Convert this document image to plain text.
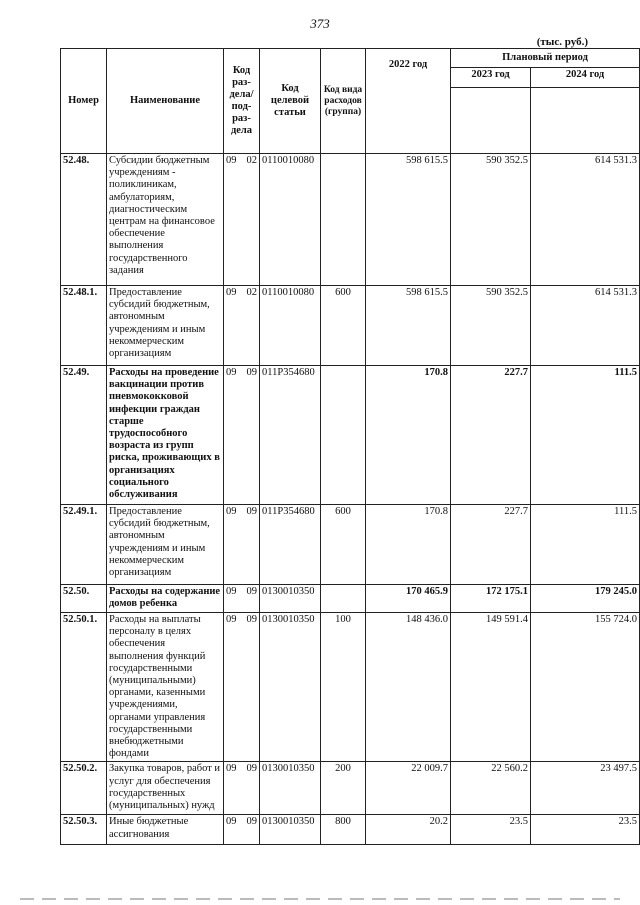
373
(тыс. руб.)
Номер	Наименование	Код раз- дела/ под- раз- дела		Код целевой статьи	Код вида расходов (группа)	2022 год	Плановый период	
							2023 год	2024 год

52.48.	Субсидии бюджетным учреждениям - поликлиникам, амбулаториям, диагностическим центрам на финансовое обеспечение выполнения государственного задания	09	02	0110010080		598 615.5	590 352.5	614 531.3
52.48.1.	Предоставление субсидий бюджетным, автономным учреждениям и иным некоммерческим организациям	09	02	0110010080	600	598 615.5	590 352.5	614 531.3
52.49.	Расходы на проведение вакцинации против пневмококковой инфекции граждан старше трудоспособного возраста из групп риска, проживающих в организациях социального обслуживания	09	09	011P354680		170.8	227.7	111.5
52.49.1.	Предоставление субсидий бюджетным, автономным учреждениям и иным некоммерческим организациям	09	09	011P354680	600	170.8	227.7	111.5
52.50.	Расходы на содержание домов ребенка	09	09	0130010350		170 465.9	172 175.1	179 245.0
52.50.1.	Расходы на выплаты персоналу в целях обеспечения выполнения функций государственными (муниципальными) органами, казенными учреждениями, органами управления государственными внебюджетными фондами	09	09	0130010350	100	148 436.0	149 591.4	155 724.0
52.50.2.	Закупка товаров, работ и услуг для обеспечения государственных (муниципальных) нужд	09	09	0130010350	200	22 009.7	22 560.2	23 497.5
52.50.3.	Иные бюджетные ассигнования	09	09	0130010350	800	20.2	23.5	23.5
